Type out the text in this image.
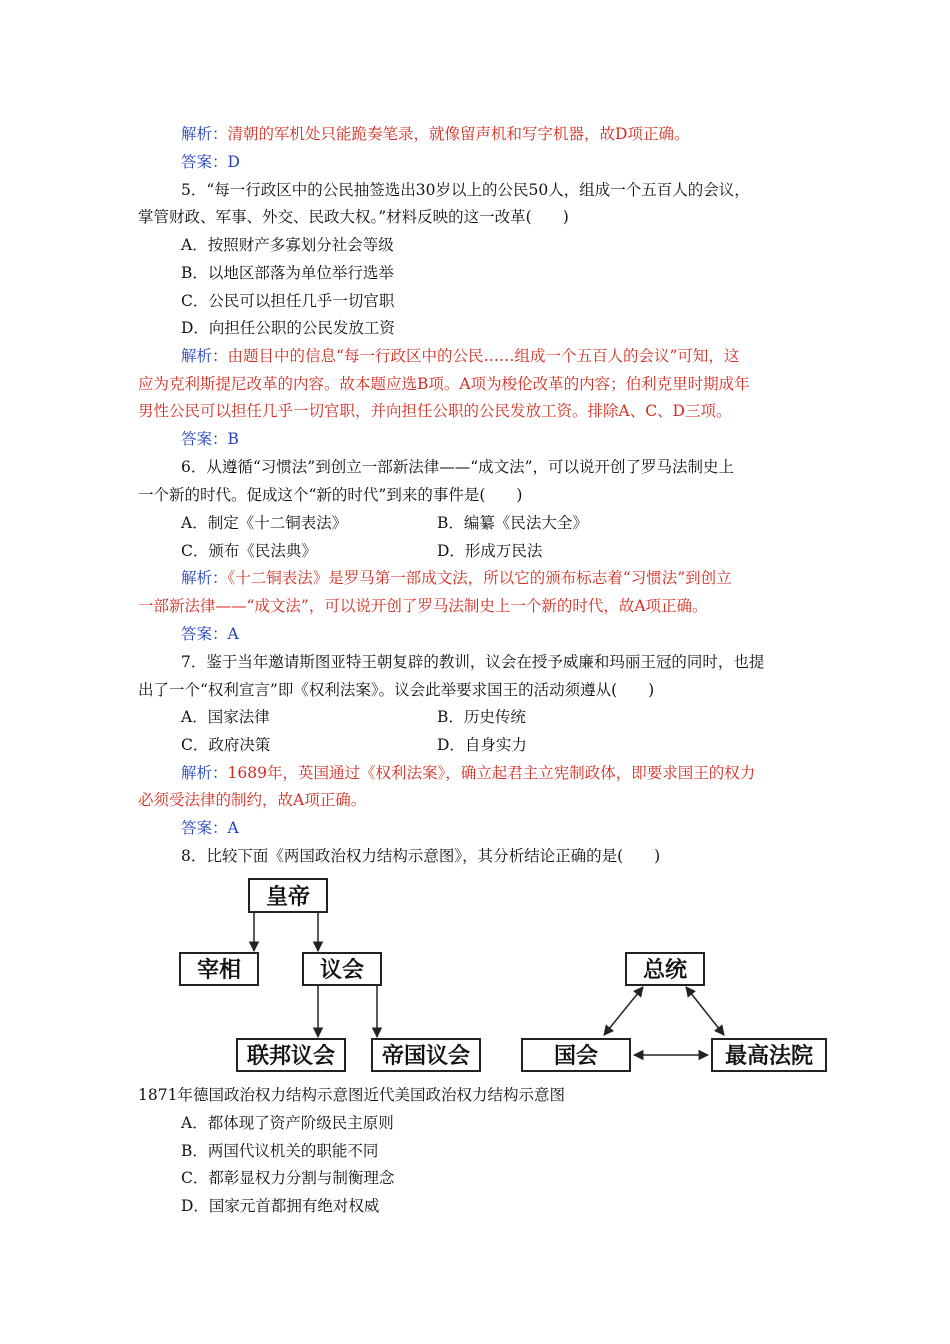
解析：清朝的军机处只能跪奏笔录，就像留声机和写字机器，故D项正确。
答案：D
5．“每一行政区中的公民抽签选出30岁以上的公民50人，组成一个五百人的会议，
掌管财政、军事、外交、民政大权。”材料反映的这一改革(　　)
A．按照财产多寡划分社会等级
B．以地区部落为单位举行选举
C．公民可以担任几乎一切官职
D．向担任公职的公民发放工资
解析：由题目中的信息“每一行政区中的公民……组成一个五百人的会议”可知，这
应为克利斯提尼改革的内容。故本题应选B项。A项为梭伦改革的内容；伯利克里时期成年
男性公民可以担任几乎一切官职，并向担任公职的公民发放工资。排除A、C、D三项。
答案：B
6．从遵循“习惯法”到创立一部新法律——“成文法”，可以说开创了罗马法制史上
一个新的时代。促成这个“新的时代”到来的事件是(　　)
A．制定《十二铜表法》	B．编纂《民法大全》
C．颁布《民法典》	D．形成万民法
解析：《十二铜表法》是罗马第一部成文法，所以它的颁布标志着“习惯法”到创立
一部新法律——“成文法”，可以说开创了罗马法制史上一个新的时代，故A项正确。
答案：A
7．鉴于当年邀请斯图亚特王朝复辟的教训，议会在授予威廉和玛丽王冠的同时，也提
出了一个“权利宣言”即《权利法案》。议会此举要求国王的活动须遵从(　　)
A．国家法律	B．历史传统
C．政府决策	D．自身实力
解析：1689年，英国通过《权利法案》，确立起君主立宪制政体，即要求国王的权力
必须受法律的制约，故A项正确。
答案：A
8．比较下面《两国政治权力结构示意图》，其分析结论正确的是(　　)
皇帝
宰相	议会
联邦议会 帝国议会
总统
国会	最高法院
1871年德国政治权力结构示意图近代美国政治权力结构示意图
A．都体现了资产阶级民主原则
B．两国代议机关的职能不同
C．都彰显权力分割与制衡理念
D．国家元首都拥有绝对权威
